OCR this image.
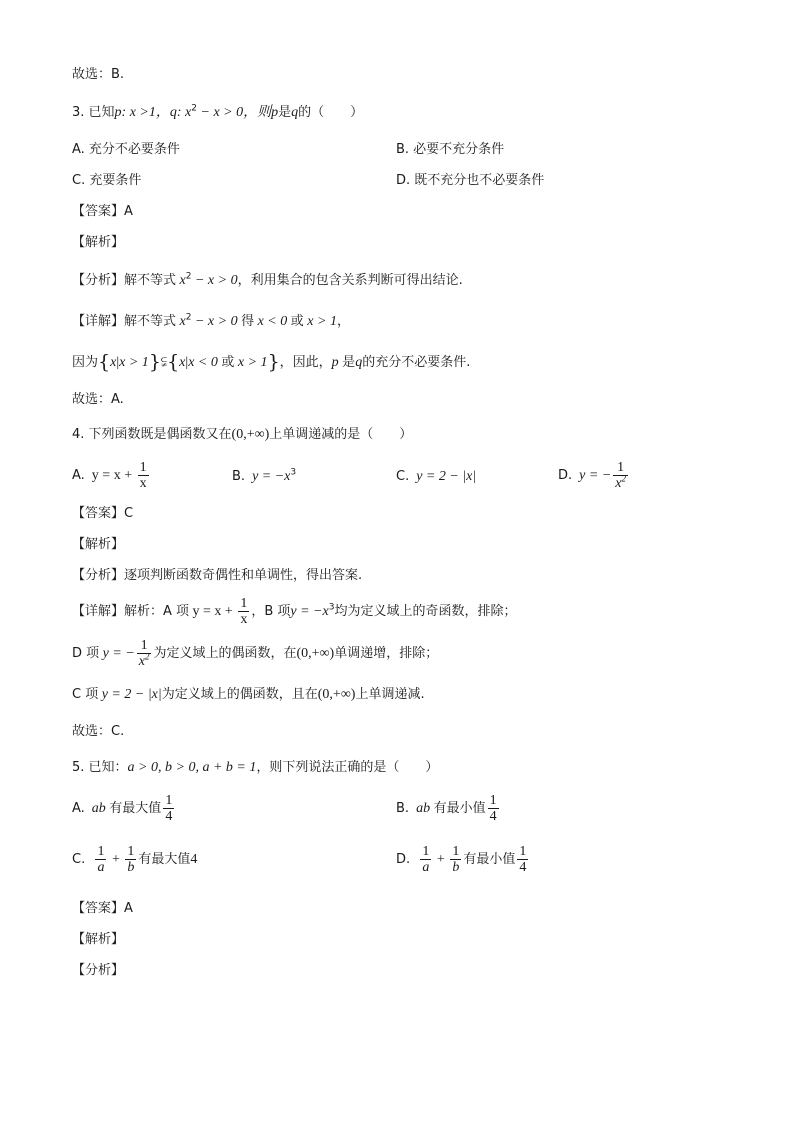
故选：B.
3. 已知p: x >1，q: $x^2 - x > 0$，则p是q的（　　）
A. 充分不必要条件	B. 必要不充分条件
C. 充要条件	D. 既不充分也不必要条件
【答案】A
【解析】
【分析】解不等式 $x^2 - x > 0$，利用集合的包含关系判断可得出结论.
【详解】解不等式 $x^2 - x > 0$ 得 x < 0 或 x > 1，
因为{x|x > 1}⫋{x|x < 0 或 x > 1}，因此，p 是q的充分不必要条件.
故选：A.
4. 下列函数既是偶函数又在(0,+∞)上单调递减的是（　　）
A.  $y = x + \frac{1}{x}$	B.  $y = -x^3$	C.  y = 2 − |x|	D.  y = − $\frac{1}{x^2}$
【答案】C
【解析】
【分析】逐项判断函数奇偶性和单调性，得出答案.
【详解】解析：A 项 $y = x + \frac{1}{x}$ ，B 项$y = -x^3$均为定义域上的奇函数，排除；
D 项 y = − $\frac{1}{x^2}$ 为定义域上的偶函数，在(0,+∞)单调递增，排除；
C 项 y = 2 − |x|为定义域上的偶函数，且在(0,+∞)上单调递减.
故选：C.
5. 已知：a > 0, b > 0, a + b = 1，则下列说法正确的是（　　）
A.  ab 有最大值 $\frac{1}{4}$	B.  ab 有最小值 $\frac{1}{4}$
C. $\frac{1}{a} + \frac{1}{b}$ 有最大值4	D. $\frac{1}{a} + \frac{1}{b}$ 有最小值 $\frac{1}{4}$
【答案】A
【解析】
【分析】
